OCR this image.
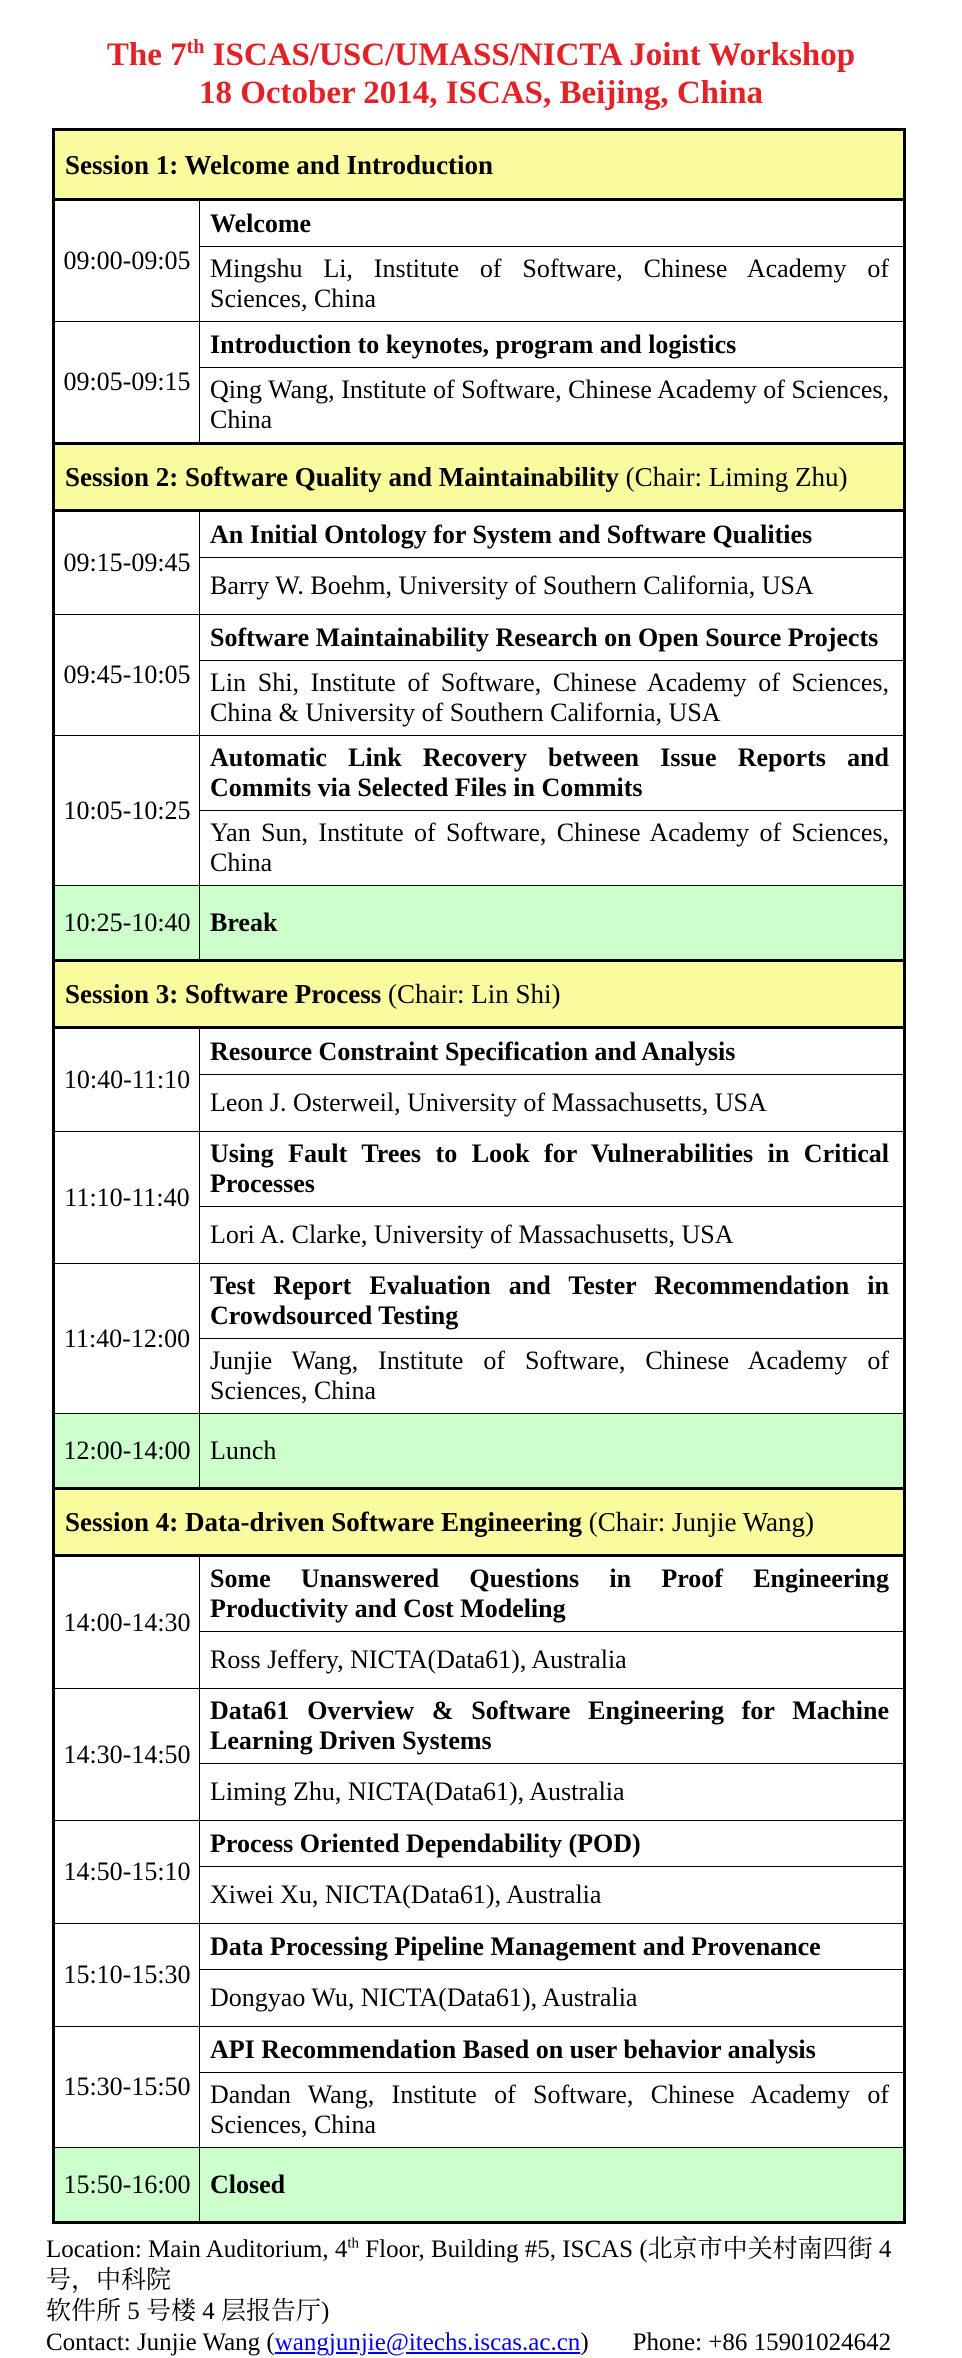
The 7th ISCAS/USC/UMASS/NICTA Joint Workshop
18 October 2014, ISCAS, Beijing, China
Session 1: Welcome and Introduction
09:00-09:05
Welcome
Mingshu Li, Institute of Software, Chinese Academy of Sciences, China
09:05-09:15
Introduction to keynotes, program and logistics
Qing Wang, Institute of Software, Chinese Academy of Sciences, China
Session 2: Software Quality and Maintainability (Chair: Liming Zhu)
09:15-09:45
An Initial Ontology for System and Software Qualities
Barry W. Boehm, University of Southern California, USA
09:45-10:05
Software Maintainability Research on Open Source Projects
Lin Shi, Institute of Software, Chinese Academy of Sciences, China & University of Southern California, USA
10:05-10:25
Automatic Link Recovery between Issue Reports and Commits via Selected Files in Commits
Yan Sun, Institute of Software, Chinese Academy of Sciences, China
10:25-10:40 Break
Session 3: Software Process (Chair: Lin Shi)
10:40-11:10
Resource Constraint Specification and Analysis
Leon J. Osterweil, University of Massachusetts, USA
11:10-11:40
Using Fault Trees to Look for Vulnerabilities in Critical Processes
Lori A. Clarke, University of Massachusetts, USA
11:40-12:00
Test Report Evaluation and Tester Recommendation in Crowdsourced Testing
Junjie Wang, Institute of Software, Chinese Academy of Sciences, China
12:00-14:00 Lunch
Session 4: Data-driven Software Engineering (Chair: Junjie Wang)
14:00-14:30
Some Unanswered Questions in Proof Engineering Productivity and Cost Modeling
Ross Jeffery, NICTA(Data61), Australia
14:30-14:50
Data61 Overview & Software Engineering for Machine Learning Driven Systems
Liming Zhu, NICTA(Data61), Australia
14:50-15:10
Process Oriented Dependability (POD)
Xiwei Xu, NICTA(Data61), Australia
15:10-15:30
Data Processing Pipeline Management and Provenance
Dongyao Wu, NICTA(Data61), Australia
15:30-15:50
API Recommendation Based on user behavior analysis
Dandan Wang, Institute of Software, Chinese Academy of Sciences, China
15:50-16:00 Closed
Location: Main Auditorium, 4th Floor, Building #5, ISCAS (北京市中关村南四街 4 号，中科院
软件所 5 号楼 4 层报告厅)
Contact: Junjie Wang (wangjunjie@itechs.iscas.ac.cn) Phone: +86 15901024642
